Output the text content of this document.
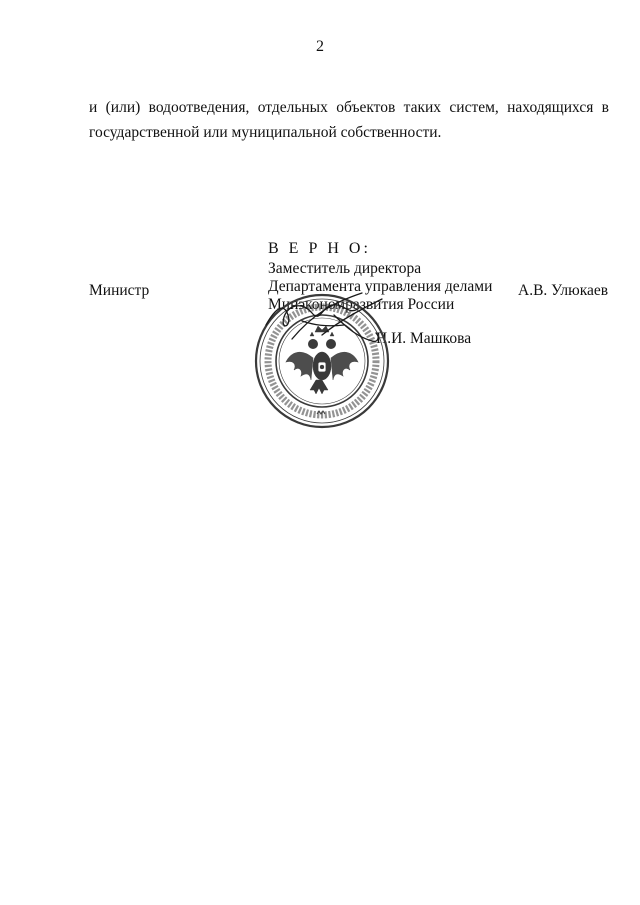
2
и (или) водоотведения, отдельных объектов таких систем, находящихся в
государственной или муниципальной собственности.
В Е Р Н О:
Заместитель директора
Департамента управления делами
Минэкономразвития России
Н.И. Машкова
Министр	А.В. Улюкаев
